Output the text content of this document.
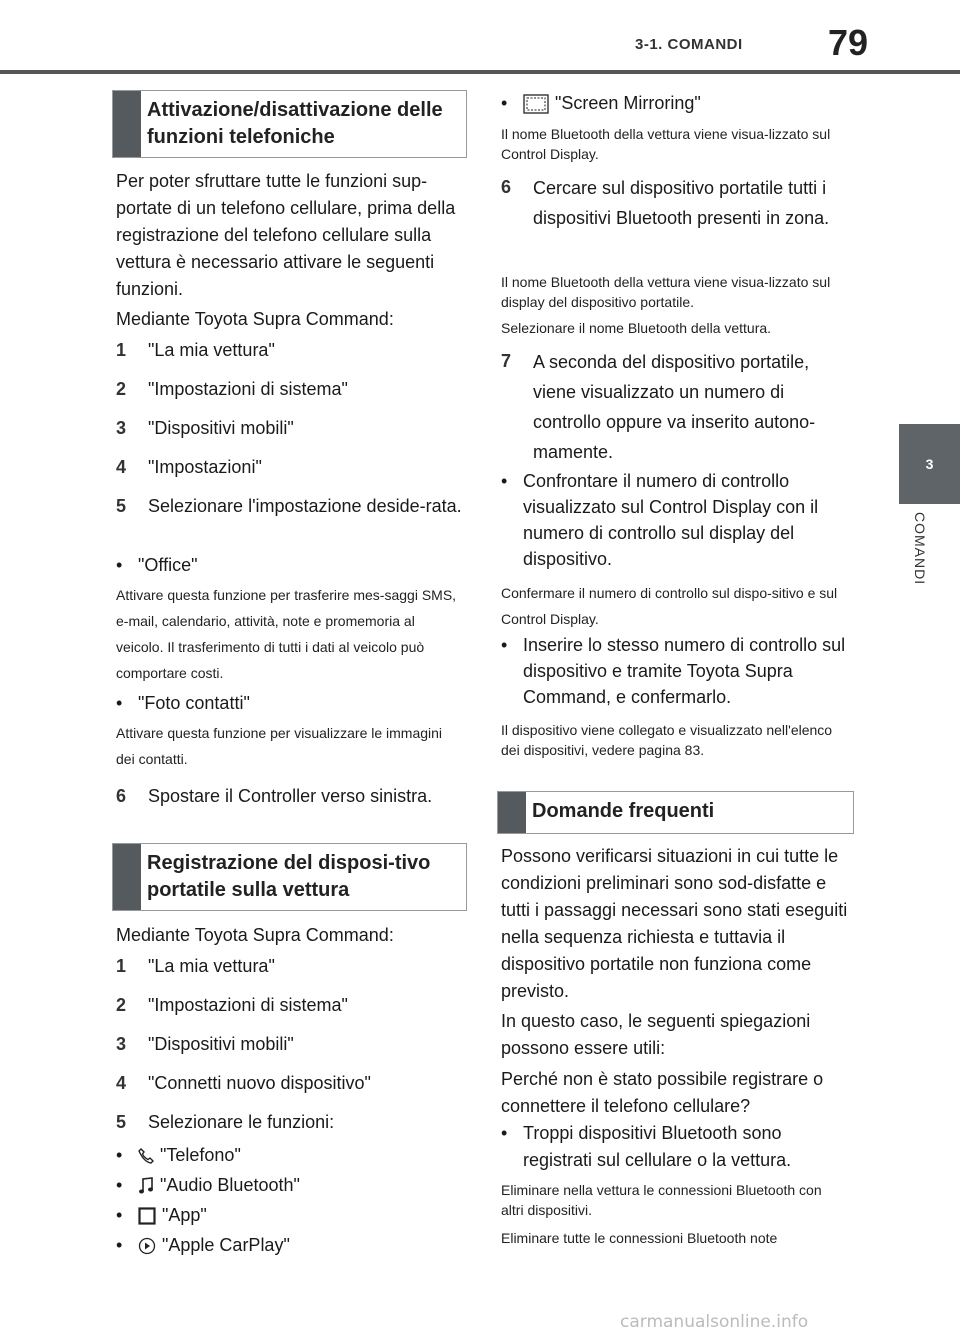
3-1. COMANDI 79
3
COMANDI
Attivazione/disattivazione delle funzioni telefoniche
Per poter sfruttare tutte le funzioni sup-portate di un telefono cellulare, prima della registrazione del telefono cellulare sulla vettura è necessario attivare le seguenti funzioni.
Mediante Toyota Supra Command:
1 "La mia vettura"
2 "Impostazioni di sistema"
3 "Dispositivi mobili"
4 "Impostazioni"
5 Selezionare l'impostazione deside-rata.
• "Office"
Attivare questa funzione per trasferire mes-saggi SMS, e-mail, calendario, attività, note e promemoria al veicolo. Il trasferimento di tutti i dati al veicolo può comportare costi.
• "Foto contatti"
Attivare questa funzione per visualizzare le immagini dei contatti.
6 Spostare il Controller verso sinistra.
Registrazione del disposi-tivo portatile sulla vettura
Mediante Toyota Supra Command:
1 "La mia vettura"
2 "Impostazioni di sistema"
3 "Dispositivi mobili"
4 "Connetti nuovo dispositivo"
5 Selezionare le funzioni:
•	"Telefono"
•	"Audio Bluetooth"
•	"App"
•	"Apple CarPlay"
•	"Screen Mirroring"
Il nome Bluetooth della vettura viene visua-lizzato sul Control Display.
6 Cercare sul dispositivo portatile tutti i dispositivi Bluetooth presenti in zona.
Il nome Bluetooth della vettura viene visua-lizzato sul display del dispositivo portatile.
Selezionare il nome Bluetooth della vettura.
7 A seconda del dispositivo portatile, viene visualizzato un numero di controllo oppure va inserito autono-mamente.
• Confrontare il numero di controllo visualizzato sul Control Display con il numero di controllo sul display del dispositivo.
Confermare il numero di controllo sul dispo-sitivo e sul Control Display.
• Inserire lo stesso numero di controllo sul dispositivo e tramite Toyota Supra Command, e confermarlo.
Il dispositivo viene collegato e visualizzato nell'elenco dei dispositivi, vedere pagina 83.
Domande frequenti
Possono verificarsi situazioni in cui tutte le condizioni preliminari sono sod-disfatte e tutti i passaggi necessari sono stati eseguiti nella sequenza richiesta e tuttavia il dispositivo portatile non funziona come previsto.
In questo caso, le seguenti spiegazioni possono essere utili:
Perché non è stato possibile registrare o connettere il telefono cellulare?
• Troppi dispositivi Bluetooth sono registrati sul cellulare o la vettura.
Eliminare nella vettura le connessioni Bluetooth con altri dispositivi.
Eliminare tutte le connessioni Bluetooth note
carmanualsonline.info
